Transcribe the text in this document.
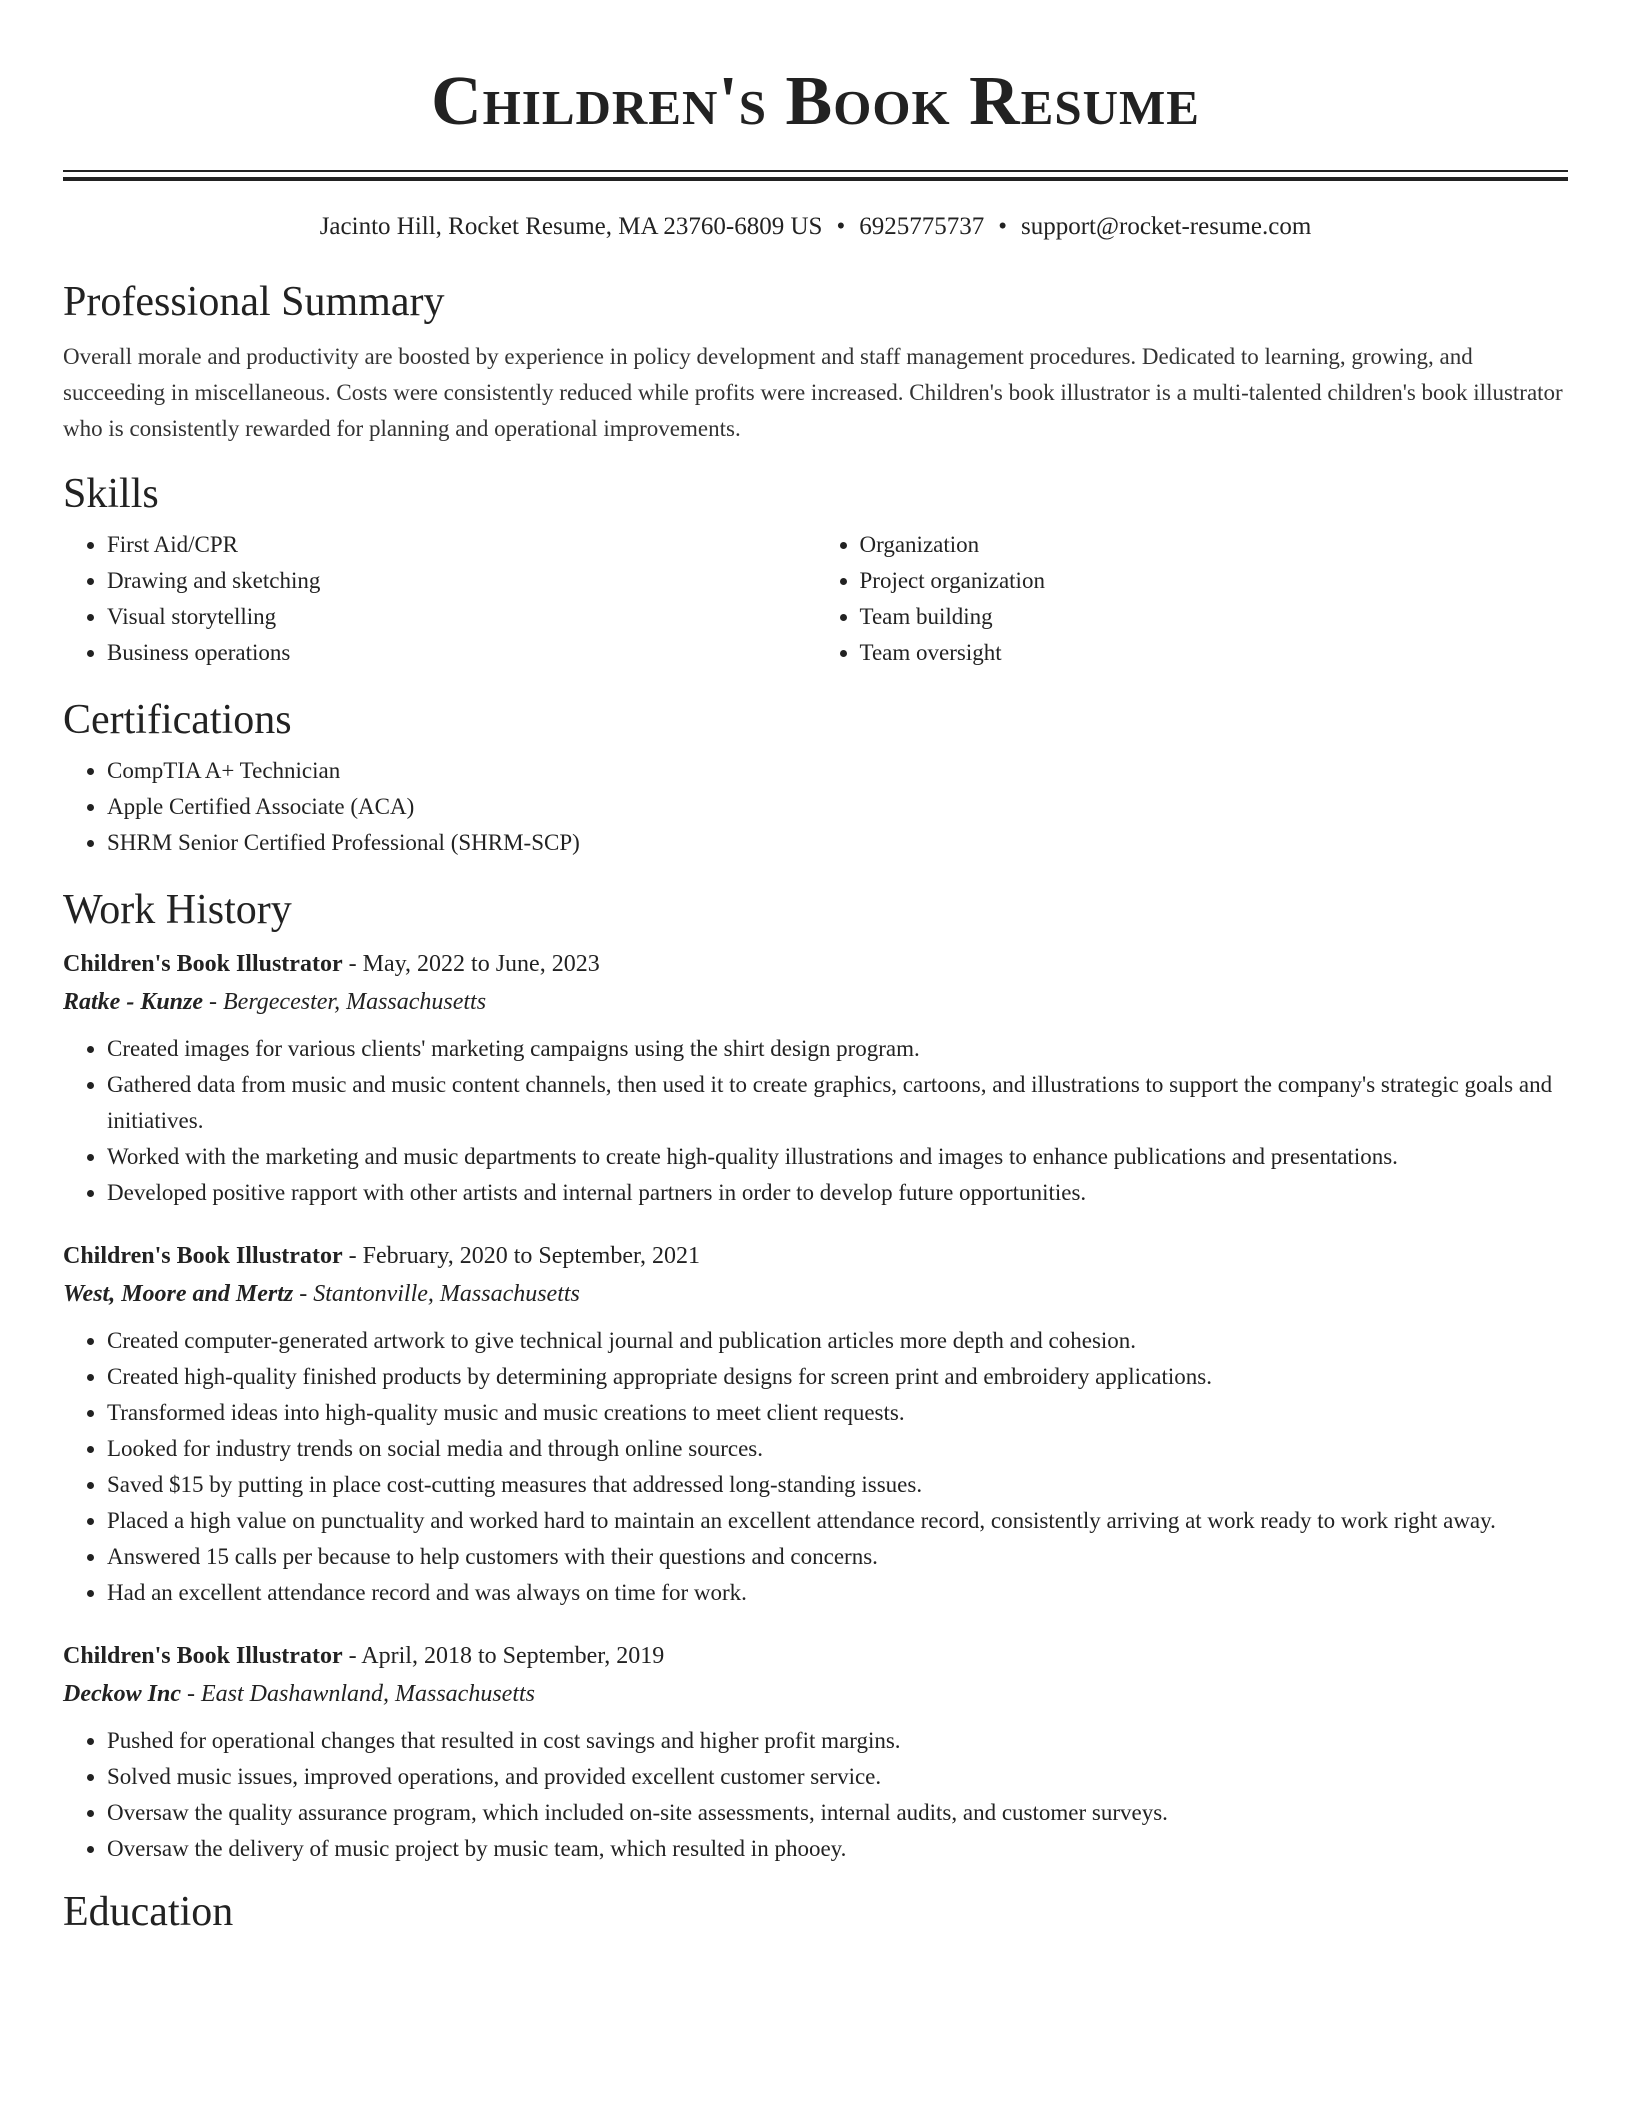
Children's Book Resume
Jacinto Hill, Rocket Resume, MA 23760-6809 US • 6925775737 • support@rocket-resume.com
Professional Summary

Overall morale and productivity are boosted by experience in policy development and staff management procedures. Dedicated to learning, growing, and succeeding in miscellaneous. Costs were consistently reduced while profits were increased. Children's book illustrator is a multi-talented children's book illustrator who is consistently rewarded for planning and operational improvements.

Skills
• First Aid/CPR
• Drawing and sketching
• Visual storytelling
• Business operations
• Organization
• Project organization
• Team building
• Team oversight
Certifications
• CompTIA A+ Technician
• Apple Certified Associate (ACA)
• SHRM Senior Certified Professional (SHRM-SCP)
Work History
Children's Book Illustrator - May, 2022 to June, 2023
Ratke - Kunze - Bergecester, Massachusetts
• Created images for various clients' marketing campaigns using the shirt design program.
• Gathered data from music and music content channels, then used it to create graphics, cartoons, and illustrations to support the company's strategic goals and initiatives.
• Worked with the marketing and music departments to create high-quality illustrations and images to enhance publications and presentations.
• Developed positive rapport with other artists and internal partners in order to develop future opportunities.
Children's Book Illustrator - February, 2020 to September, 2021
West, Moore and Mertz - Stantonville, Massachusetts
• Created computer-generated artwork to give technical journal and publication articles more depth and cohesion.
• Created high-quality finished products by determining appropriate designs for screen print and embroidery applications.
• Transformed ideas into high-quality music and music creations to meet client requests.
• Looked for industry trends on social media and through online sources.
• Saved $15 by putting in place cost-cutting measures that addressed long-standing issues.
• Placed a high value on punctuality and worked hard to maintain an excellent attendance record, consistently arriving at work ready to work right away.
• Answered 15 calls per because to help customers with their questions and concerns.
• Had an excellent attendance record and was always on time for work.
Children's Book Illustrator - April, 2018 to September, 2019
Deckow Inc - East Dashawnland, Massachusetts
• Pushed for operational changes that resulted in cost savings and higher profit margins.
• Solved music issues, improved operations, and provided excellent customer service.
• Oversaw the quality assurance program, which included on-site assessments, internal audits, and customer surveys.
• Oversaw the delivery of music project by music team, which resulted in phooey.
Education
